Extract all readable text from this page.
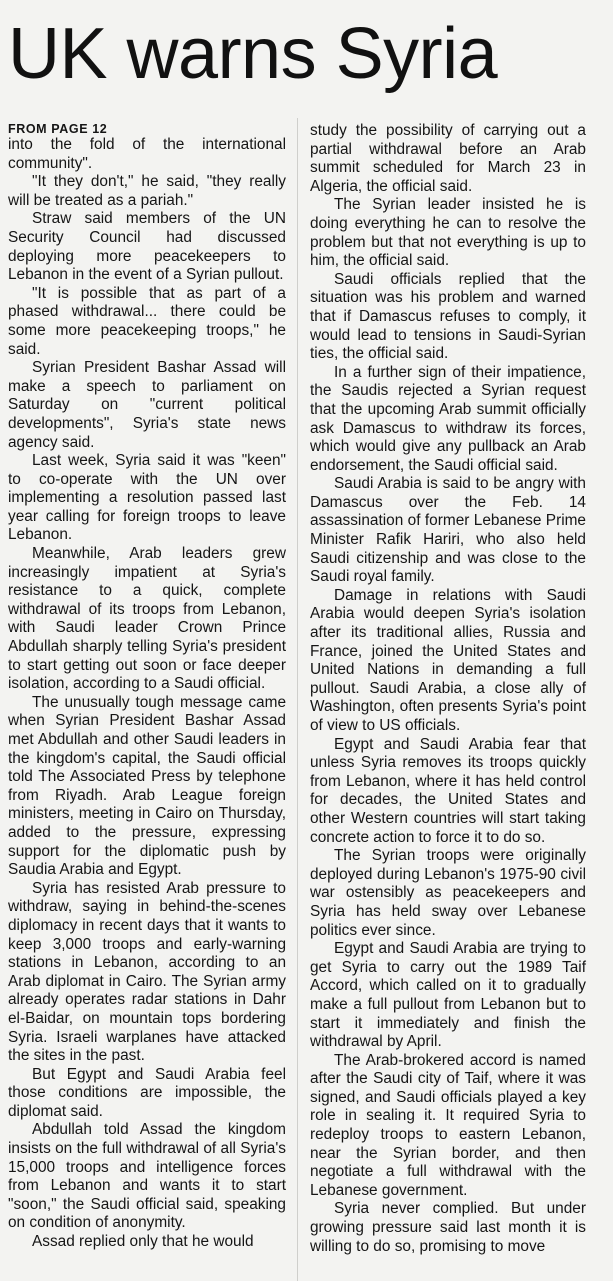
UK warns Syria
FROM PAGE 12

into the fold of the international community".

"It they don't," he said, "they really will be treated as a pariah."

Straw said members of the UN Security Council had discussed deploying more peacekeepers to Lebanon in the event of a Syrian pullout.

"It is possible that as part of a phased withdrawal... there could be some more peacekeeping troops," he said.

Syrian President Bashar Assad will make a speech to parliament on Saturday on "current political developments", Syria's state news agency said.

Last week, Syria said it was "keen" to co-operate with the UN over implementing a resolution passed last year calling for foreign troops to leave Lebanon.

Meanwhile, Arab leaders grew increasingly impatient at Syria's resistance to a quick, complete withdrawal of its troops from Lebanon, with Saudi leader Crown Prince Abdullah sharply telling Syria's president to start getting out soon or face deeper isolation, according to a Saudi official.

The unusually tough message came when Syrian President Bashar Assad met Abdullah and other Saudi leaders in the kingdom's capital, the Saudi official told The Associated Press by telephone from Riyadh. Arab League foreign ministers, meeting in Cairo on Thursday, added to the pressure, expressing support for the diplomatic push by Saudia Arabia and Egypt.

Syria has resisted Arab pressure to withdraw, saying in behind-the-scenes diplomacy in recent days that it wants to keep 3,000 troops and early-warning stations in Lebanon, according to an Arab diplomat in Cairo. The Syrian army already operates radar stations in Dahr el-Baidar, on mountain tops bordering Syria. Israeli warplanes have attacked the sites in the past.

But Egypt and Saudi Arabia feel those conditions are impossible, the diplomat said.

Abdullah told Assad the kingdom insists on the full withdrawal of all Syria's 15,000 troops and intelligence forces from Lebanon and wants it to start "soon," the Saudi official said, speaking on condition of anonymity.

Assad replied only that he would

study the possibility of carrying out a partial withdrawal before an Arab summit scheduled for March 23 in Algeria, the official said.

The Syrian leader insisted he is doing everything he can to resolve the problem but that not everything is up to him, the official said.

Saudi officials replied that the situation was his problem and warned that if Damascus refuses to comply, it would lead to tensions in Saudi-Syrian ties, the official said.

In a further sign of their impatience, the Saudis rejected a Syrian request that the upcoming Arab summit officially ask Damascus to withdraw its forces, which would give any pullback an Arab endorsement, the Saudi official said.

Saudi Arabia is said to be angry with Damascus over the Feb. 14 assassination of former Lebanese Prime Minister Rafik Hariri, who also held Saudi citizenship and was close to the Saudi royal family.

Damage in relations with Saudi Arabia would deepen Syria's isolation after its traditional allies, Russia and France, joined the United States and United Nations in demanding a full pullout. Saudi Arabia, a close ally of Washington, often presents Syria's point of view to US officials.

Egypt and Saudi Arabia fear that unless Syria removes its troops quickly from Lebanon, where it has held control for decades, the United States and other Western countries will start taking concrete action to force it to do so.

The Syrian troops were originally deployed during Lebanon's 1975-90 civil war ostensibly as peacekeepers and Syria has held sway over Lebanese politics ever since.

Egypt and Saudi Arabia are trying to get Syria to carry out the 1989 Taif Accord, which called on it to gradually make a full pullout from Lebanon but to start it immediately and finish the withdrawal by April.

The Arab-brokered accord is named after the Saudi city of Taif, where it was signed, and Saudi officials played a key role in sealing it. It required Syria to redeploy troops to eastern Lebanon, near the Syrian border, and then negotiate a full withdrawal with the Lebanese government.

Syria never complied. But under growing pressure said last month it is willing to do so, promising to move
